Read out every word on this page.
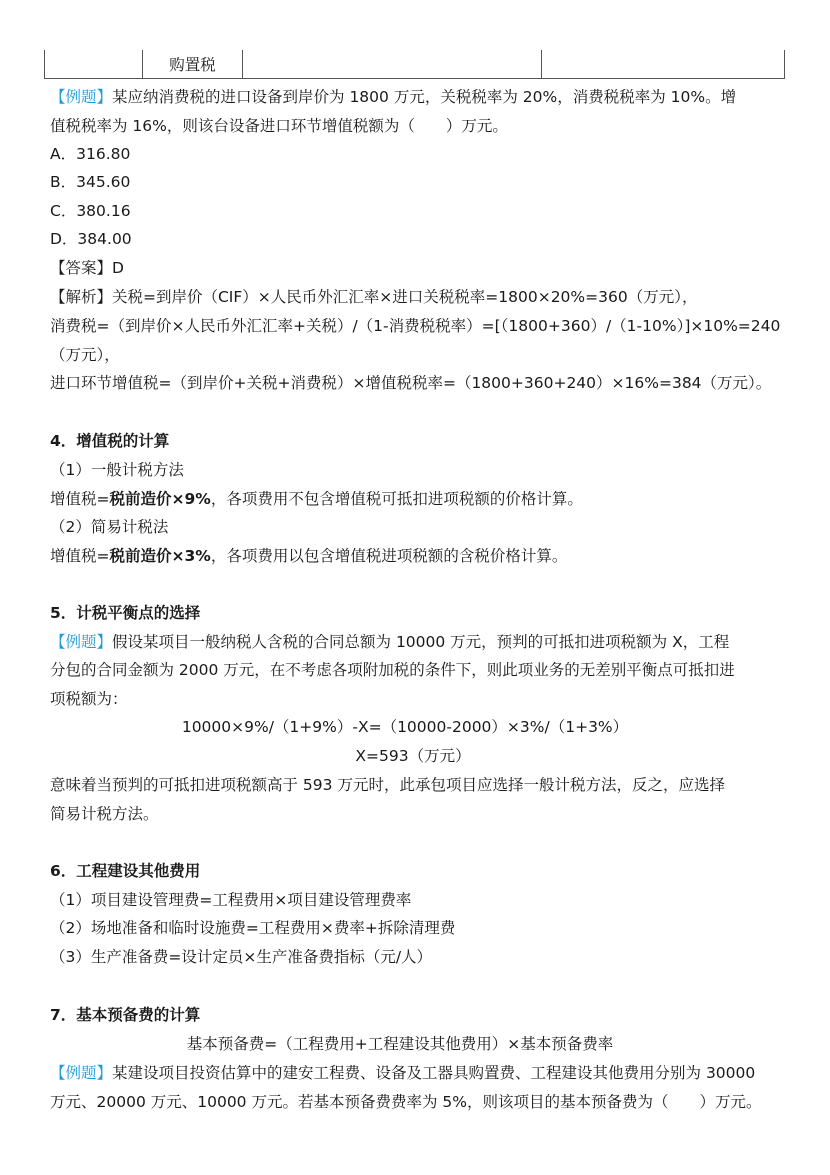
	购置税		
【例题】某应纳消费税的进口设备到岸价为 1800 万元，关税税率为 20%，消费税税率为 10%。增
值税税率为 16%，则该台设备进口环节增值税额为（　　）万元。
A．316.80
B．345.60
C．380.16
D．384.00
【答案】D
【解析】关税=到岸价（CIF）×人民币外汇汇率×进口关税税率=1800×20%=360（万元），
消费税=（到岸价×人民币外汇汇率+关税）/（1-消费税税率）=[（1800+360）/（1-10%）]×10%=240
（万元），
进口环节增值税=（到岸价+关税+消费税）×增值税税率=（1800+360+240）×16%=384（万元）。
4．增值税的计算
（1）一般计税方法
增值税=税前造价×9%，各项费用不包含增值税可抵扣进项税额的价格计算。
（2）简易计税法
增值税=税前造价×3%，各项费用以包含增值税进项税额的含税价格计算。
5．计税平衡点的选择
【例题】假设某项目一般纳税人含税的合同总额为 10000 万元，预判的可抵扣进项税额为 X，工程
分包的合同金额为 2000 万元，在不考虑各项附加税的条件下，则此项业务的无差别平衡点可抵扣进
项税额为：
10000×9%/（1+9%）-X=（10000-2000）×3%/（1+3%）
X=593（万元）
意味着当预判的可抵扣进项税额高于 593 万元时，此承包项目应选择一般计税方法，反之，应选择
简易计税方法。
6．工程建设其他费用
（1）项目建设管理费=工程费用×项目建设管理费率
（2）场地准备和临时设施费=工程费用×费率+拆除清理费
（3）生产准备费=设计定员×生产准备费指标（元/人）
7．基本预备费的计算
基本预备费=（工程费用+工程建设其他费用）×基本预备费率
【例题】某建设项目投资估算中的建安工程费、设备及工器具购置费、工程建设其他费用分别为 30000
万元、20000 万元、10000 万元。若基本预备费费率为 5%，则该项目的基本预备费为（　　）万元。
